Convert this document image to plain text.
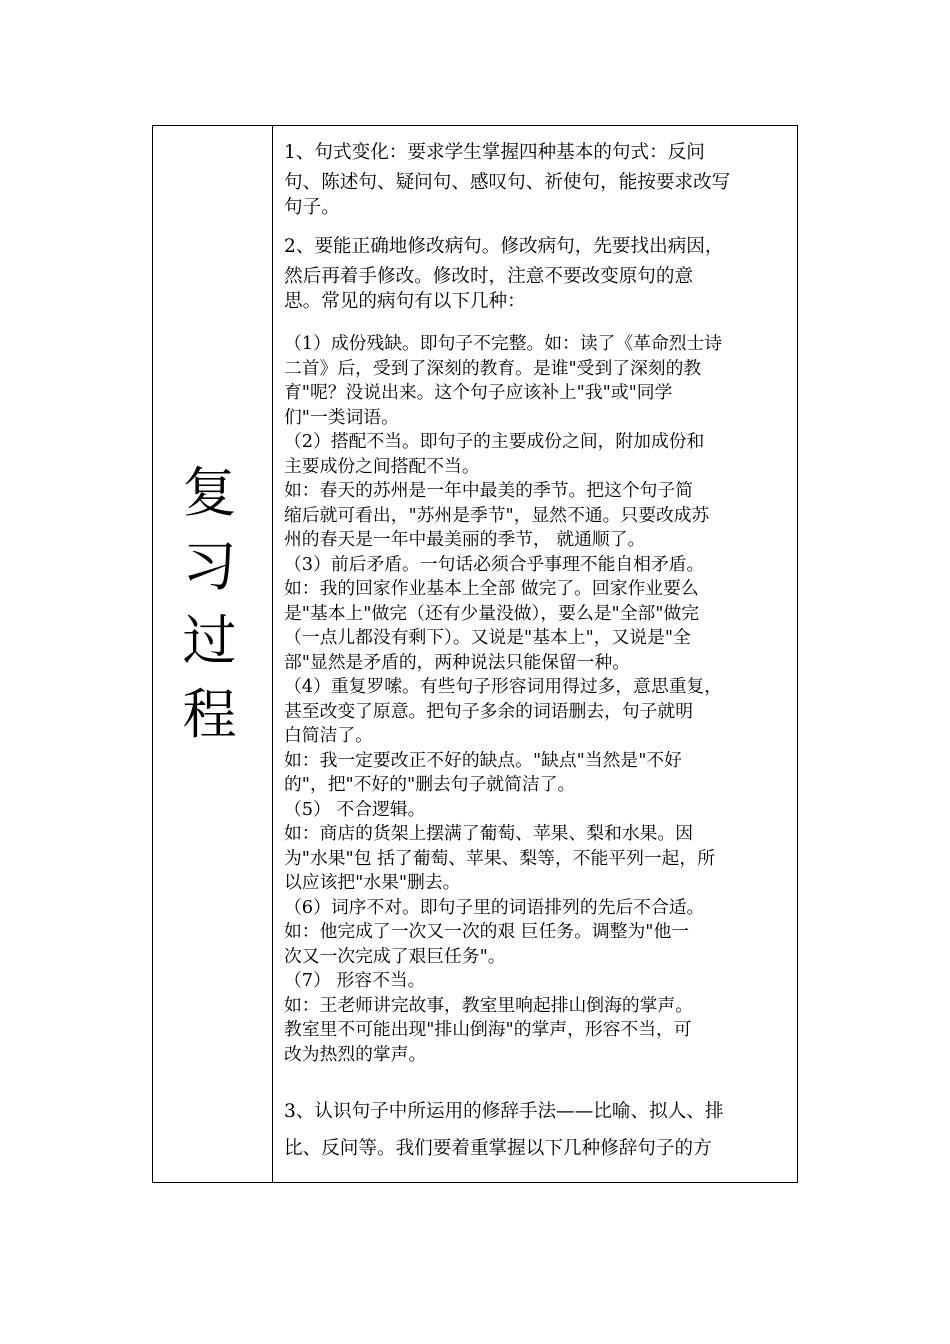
复
习
过
程

1、句式变化：要求学生掌握四种基本的句式：反问
句、陈述句、疑问句、感叹句、祈使句，能按要求改写
句子。

2、要能正确地修改病句。修改病句，先要找出病因，
然后再着手修改。修改时，注意不要改变原句的意
思。常见的病句有以下几种：

（1）成份残缺。即句子不完整。如：读了《革命烈士诗
二首》后，受到了深刻的教育。是谁"受到了深刻的教
育"呢？没说出来。这个句子应该补上"我"或"同学
们"一类词语。
（2）搭配不当。即句子的主要成份之间，附加成份和
主要成份之间搭配不当。
如：春天的苏州是一年中最美的季节。把这个句子简
缩后就可看出，"苏州是季节"，显然不通。只要改成苏
州的春天是一年中最美丽的季节， 就通顺了。
（3）前后矛盾。一句话必须合乎事理不能自相矛盾。
如：我的回家作业基本上全部 做完了。回家作业要么
是"基本上"做完（还有少量没做），要么是"全部"做完
（一点儿都没有剩下）。又说是"基本上"，又说是"全
部"显然是矛盾的，两种说法只能保留一种。
（4）重复罗嗦。有些句子形容词用得过多，意思重复，
甚至改变了原意。把句子多余的词语删去，句子就明
白简洁了。
如：我一定要改正不好的缺点。"缺点"当然是"不好
的"，把"不好的"删去句子就简洁了。
（5） 不合逻辑。
如：商店的货架上摆满了葡萄、苹果、梨和水果。因
为"水果"包 括了葡萄、苹果、梨等，不能平列一起，所
以应该把"水果"删去。
（6）词序不对。即句子里的词语排列的先后不合适。
如：他完成了一次又一次的艰 巨任务。调整为"他一
次又一次完成了艰巨任务"。
（7） 形容不当。
如：王老师讲完故事，教室里响起排山倒海的掌声。
教室里不可能出现"排山倒海"的掌声，形容不当，可
改为热烈的掌声。

3、认识句子中所运用的修辞手法——比喻、拟人、排
比、反问等。我们要着重掌握以下几种修辞句子的方
